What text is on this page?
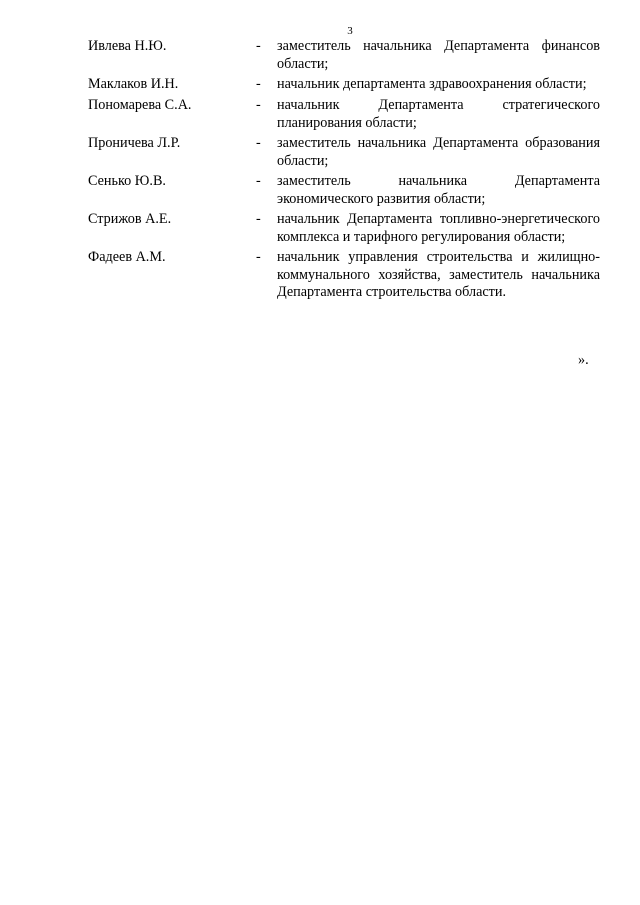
3
Ивлева Н.Ю.	- заместитель начальника Департамента финансов области;
Маклаков И.Н.	- начальник департамента здравоохранения области;
Пономарева С.А.	- начальник Департамента стратегического планирования области;
Проничева Л.Р.	- заместитель начальника Департамента образования области;
Сенько Ю.В.	- заместитель начальника Департамента экономического развития области;
Стрижов А.Е.	- начальник Департамента топливно-энергетического комплекса и тарифного регулирования области;
Фадеев А.М.	- начальник управления строительства и жилищно-коммунального хозяйства, заместитель начальника Департамента строительства области.
».
